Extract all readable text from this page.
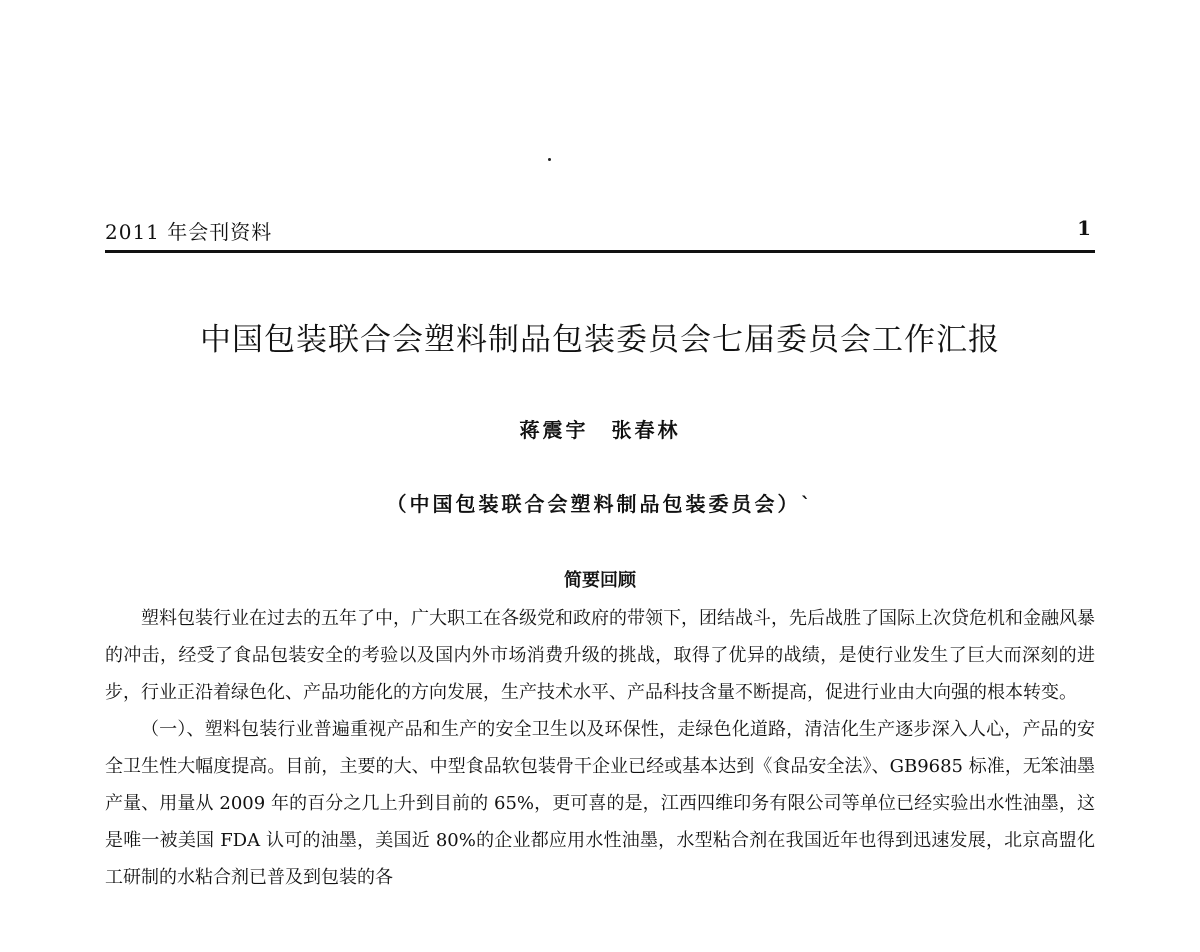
2011 年会刊资料	1
中国包装联合会塑料制品包装委员会七届委员会工作汇报
蒋震宇　张春林
（中国包装联合会塑料制品包装委员会）`
简要回顾

塑料包装行业在过去的五年了中，广大职工在各级党和政府的带领下，团结战斗，先后战胜了国际上次贷危机和金融风暴的冲击，经受了食品包装安全的考验以及国内外市场消费升级的挑战，取得了优异的战绩，是使行业发生了巨大而深刻的进步，行业正沿着绿色化、产品功能化的方向发展，生产技术水平、产品科技含量不断提高，促进行业由大向强的根本转变。

（一）、塑料包装行业普遍重视产品和生产的安全卫生以及环保性，走绿色化道路，清洁化生产逐步深入人心，产品的安全卫生性大幅度提高。目前，主要的大、中型食品软包装骨干企业已经或基本达到《食品安全法》、GB9685 标准，无笨油墨产量、用量从 2009 年的百分之几上升到目前的 65%，更可喜的是，江西四维印务有限公司等单位已经实验出水性油墨，这是唯一被美国 FDA 认可的油墨，美国近 80%的企业都应用水性油墨，水型粘合剂在我国近年也得到迅速发展，北京高盟化工研制的水粘合剂已普及到包装的各
